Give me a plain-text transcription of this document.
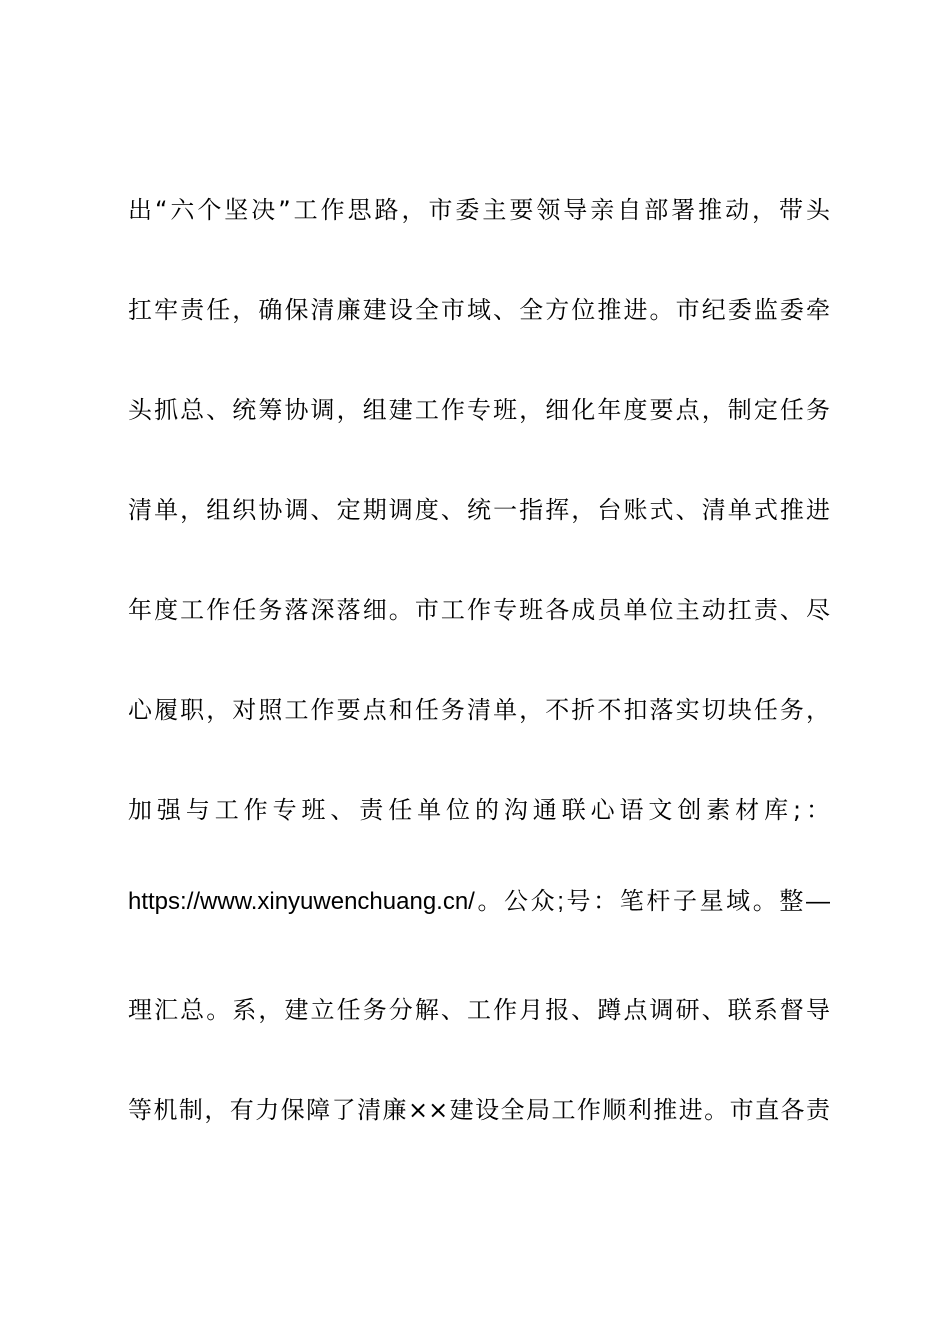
出“六个坚决”工作思路，市委主要领导亲自部署推动，带头
扛牢责任，确保清廉建设全市域、全方位推进。市纪委监委牵
头抓总、统筹协调，组建工作专班，细化年度要点，制定任务
清单，组织协调、定期调度、统一指挥，台账式、清单式推进
年度工作任务落深落细。市工作专班各成员单位主动扛责、尽
心履职，对照工作要点和任务清单，不折不扣落实切块任务，
加强与工作专班、责任单位的沟通联心语文创素材库;：
https://www.xinyuwenchuang.cn/。公众;号：笔杆子星域。整—
理汇总。系，建立任务分解、工作月报、蹲点调研、联系督导
等机制，有力保障了清廉××建设全局工作顺利推进。市直各责
